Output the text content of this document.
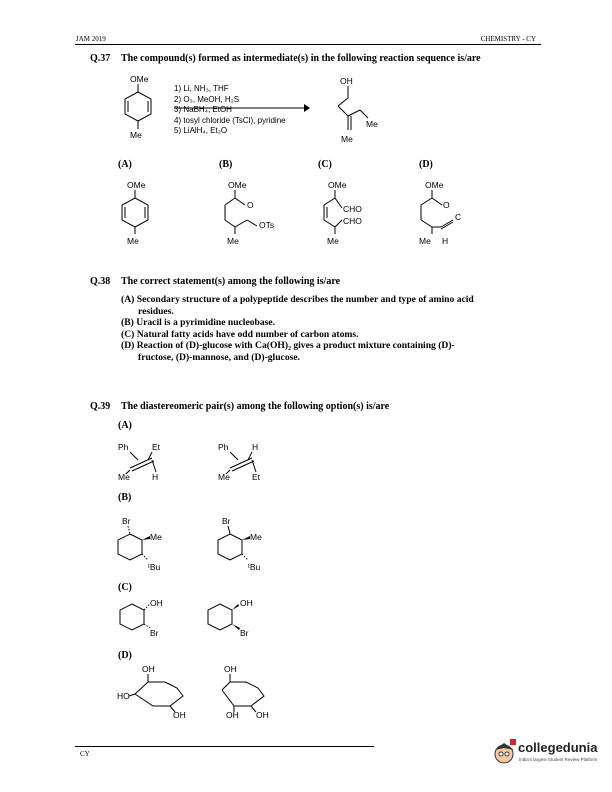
JAM 2019	CHEMISTRY - CY
Q.37 The compound(s) formed as intermediate(s) in the following reaction sequence is/are
OMe
Me
1) Li, NH₃, THF
2) O₃, MeOH, H₂S
3) NaBH₄, EtOH
4) tosyl chloride (TsCl), pyridine
5) LiAlH₄, Et₂O
OH
Me
Me
(A)	(B)	(C)	(D)
OMe
Me
OMe
O
OTs
Me
OMe
CHO
CHO
Me
OMe
O
C
Me H
Q.38 The correct statement(s) among the following is/are
(A) Secondary structure of a polypeptide describes the number and type of amino acid
residues.
(B) Uracil is a pyrimidine nucleobase.
(C) Natural fatty acids have odd number of carbon atoms.
(D) Reaction of (D)-glucose with Ca(OH)₂ gives a product mixture containing (D)-
fructose, (D)-mannose, and (D)-glucose.
Q.39 The diastereomeric pair(s) among the following option(s) is/are
(A)
Ph	Et
Me	H
Ph	H
Me	Et
(B)
Br
Me
ᵗBu
Br
Me
ᵗBu
(C)
OH
Br
OH
Br
(D)
OH
HO
OH
OH
OH OH
CY	collegedunia
India's largest Student Review Platform
